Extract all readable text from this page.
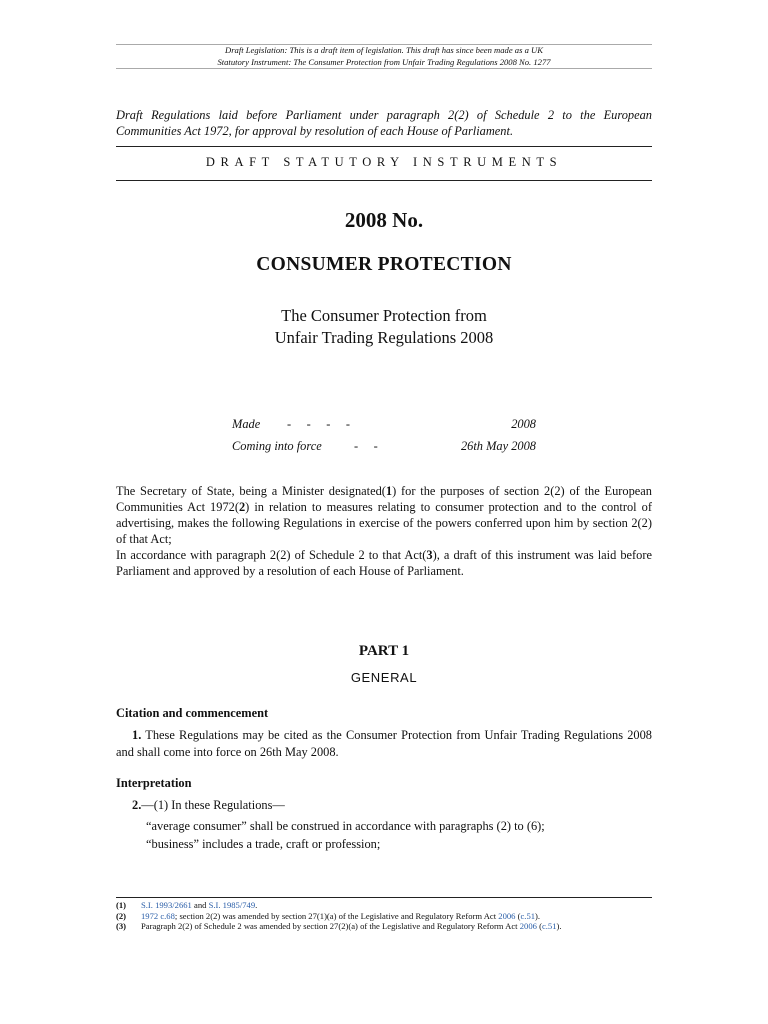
Draft Legislation: This is a draft item of legislation. This draft has since been made as a UK
Statutory Instrument: The Consumer Protection from Unfair Trading Regulations 2008 No. 1277
Draft Regulations laid before Parliament under paragraph 2(2) of Schedule 2 to the European Communities Act 1972, for approval by resolution of each House of Parliament.
DRAFT STATUTORY INSTRUMENTS
2008 No.
CONSUMER PROTECTION
The Consumer Protection from
Unfair Trading Regulations 2008
Made -     -     -     -	2008
Coming into force	-     -	26th May 2008

The Secretary of State, being a Minister designated(1) for the purposes of section 2(2) of the European Communities Act 1972(2) in relation to measures relating to consumer protection and to the control of advertising, makes the following Regulations in exercise of the powers conferred upon him by section 2(2) of that Act;

In accordance with paragraph 2(2) of Schedule 2 to that Act(3), a draft of this instrument was laid before Parliament and approved by a resolution of each House of Parliament.

PART 1
GENERAL
Citation and commencement
1. These Regulations may be cited as the Consumer Protection from Unfair Trading Regulations 2008 and shall come into force on 26th May 2008.
Interpretation
2.—(1) In these Regulations—
“average consumer” shall be construed in accordance with paragraphs (2) to (6);
“business” includes a trade, craft or profession;
(1) S.I. 1993/2661 and S.I. 1985/749.
(2) 1972 c.68; section 2(2) was amended by section 27(1)(a) of the Legislative and Regulatory Reform Act 2006 (c.51).
(3) Paragraph 2(2) of Schedule 2 was amended by section 27(2)(a) of the Legislative and Regulatory Reform Act 2006 (c.51).
